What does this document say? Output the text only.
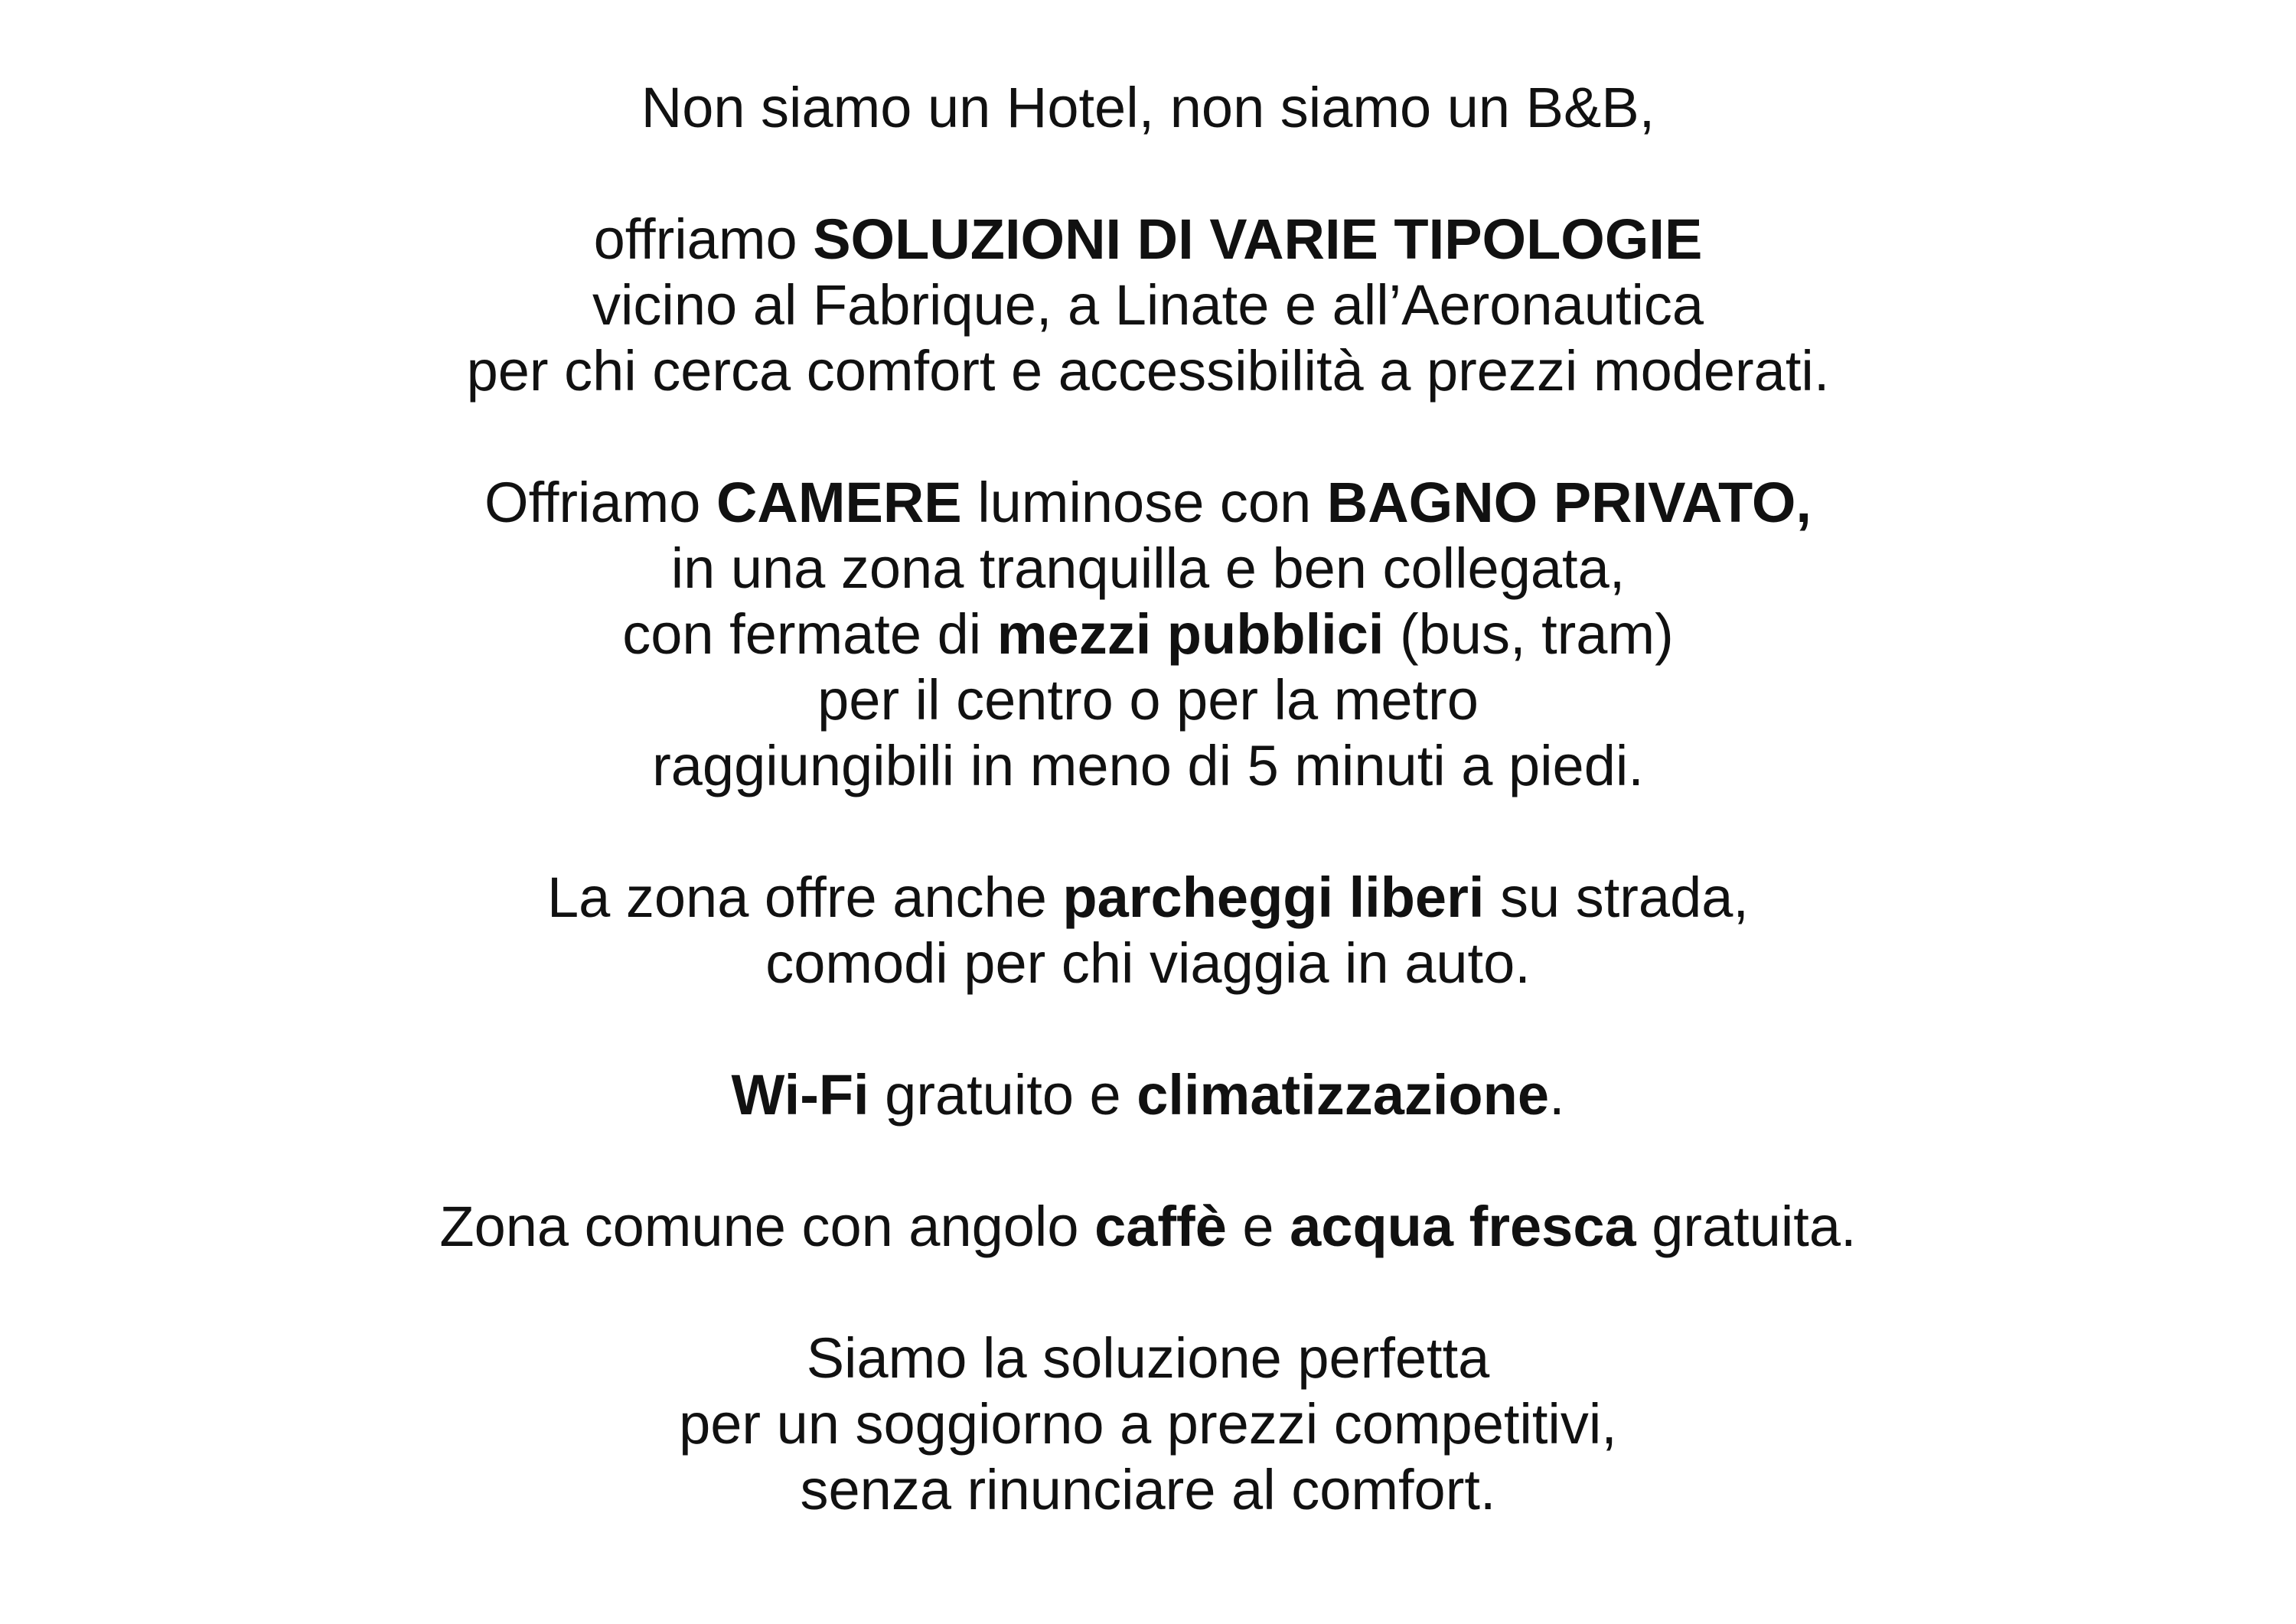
Non siamo un Hotel, non siamo un B&B,
offriamo SOLUZIONI DI VARIE TIPOLOGIE
vicino al Fabrique, a Linate e all’Aeronautica
per chi cerca comfort e accessibilità a prezzi moderati.
Offriamo CAMERE luminose con BAGNO PRIVATO,
in una zona tranquilla e ben collegata,
con fermate di mezzi pubblici (bus, tram)
per il centro o per la metro
raggiungibili in meno di 5 minuti a piedi.
La zona offre anche parcheggi liberi su strada,
comodi per chi viaggia in auto.
Wi-Fi gratuito e climatizzazione.
Zona comune con angolo caffè e acqua fresca gratuita.
Siamo la soluzione perfetta
per un soggiorno a prezzi competitivi,
senza rinunciare al comfort.
